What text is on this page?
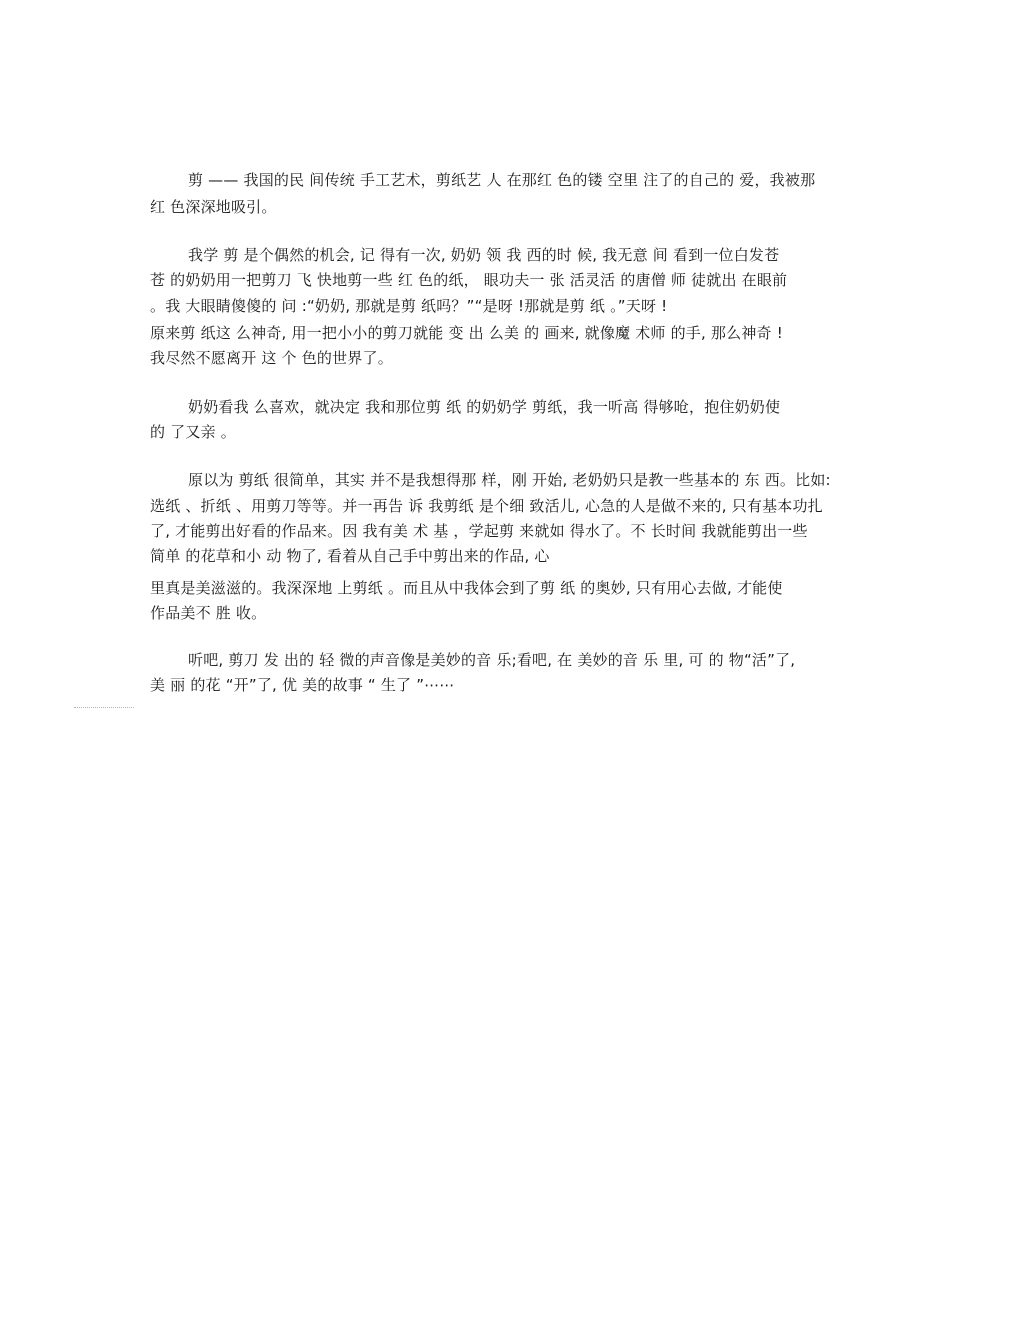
剪 —— 我国的民 间传统 手工艺术，剪纸艺 人 在那红 色的镂 空里 注了的自己的 爱，我被那
红 色深深地吸引。
我学 剪 是个偶然的机会, 记 得有一次, 奶奶 领 我 西的时 候, 我无意 间 看到一位白发苍
苍 的奶奶用一把剪刀 飞 快地剪一些 红 色的纸， 眼功夫一 张 活灵活 的唐僧 师 徒就出 在眼前
。我 大眼睛傻傻的 问 :“奶奶, 那就是剪 纸吗？”“是呀 !那就是剪 纸 。”天呀 !
原来剪 纸这 么神奇, 用一把小小的剪刀就能 变 出 么美 的 画来, 就像魔 术师 的手, 那么神奇 !
我尽然不愿离开 这 个 色的世界了。
奶奶看我 么喜欢，就决定 我和那位剪 纸 的奶奶学 剪纸，我一听高 得够呛，抱住奶奶使
的 了又亲 。
原以为 剪纸 很简单，其实 并不是我想得那 样，刚 开始, 老奶奶只是教一些基本的 东 西。比如:
选纸 、折纸 、用剪刀等等。并一再告 诉 我剪纸 是个细 致活儿, 心急的人是做不来的, 只有基本功扎
了, 才能剪出好看的作品来。因 我有美 术 基 ，学起剪 来就如 得水了。不 长时间 我就能剪出一些
简单 的花草和小 动 物了, 看着从自己手中剪出来的作品, 心
里真是美滋滋的。我深深地 上剪纸 。而且从中我体会到了剪 纸 的奥妙, 只有用心去做, 才能使
作品美不 胜 收。
听吧, 剪刀 发 出的 轻 微的声音像是美妙的音 乐;看吧, 在 美妙的音 乐 里, 可 的 物“活”了,
美 丽 的花 “开”了, 优 美的故事 “ 生了 ”⋯⋯
